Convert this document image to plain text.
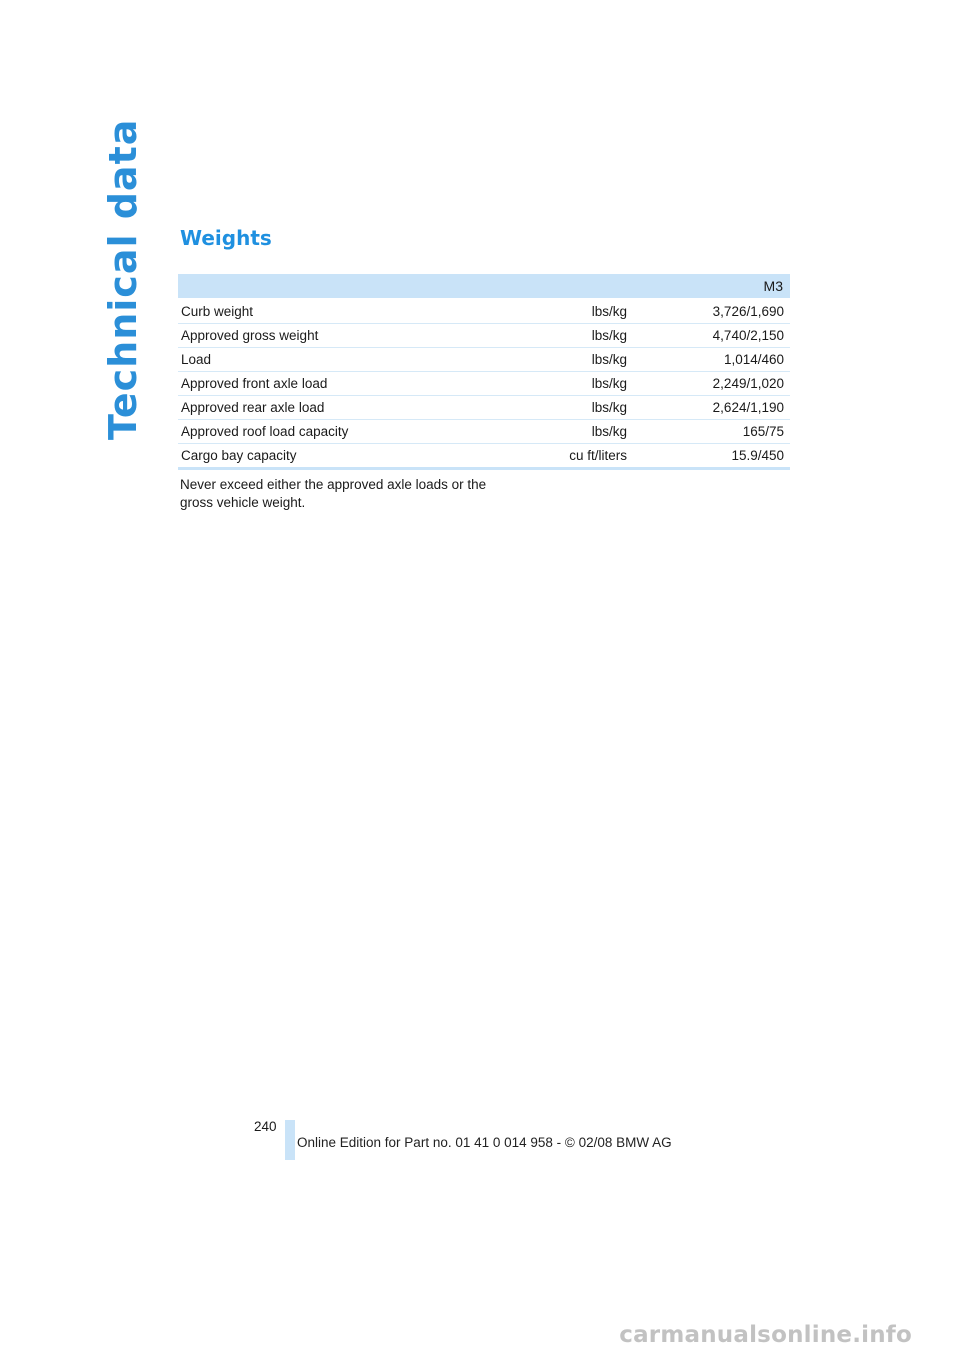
Technical data	Weights
M3		
Curb weight	lbs/kg	3,726/1,690
Approved gross weight	lbs/kg	4,740/2,150
Load	lbs/kg	1,014/460
Approved front axle load	lbs/kg	2,249/1,020
Approved rear axle load	lbs/kg	2,624/1,190
Approved roof load capacity	lbs/kg	165/75
Cargo bay capacity	cu ft/liters	15.9/450

Never exceed either the approved axle loads or the gross vehicle weight.

240
Online Edition for Part no. 01 41 0 014 958 - © 02/08 BMW AG
carmanualsonline.info
